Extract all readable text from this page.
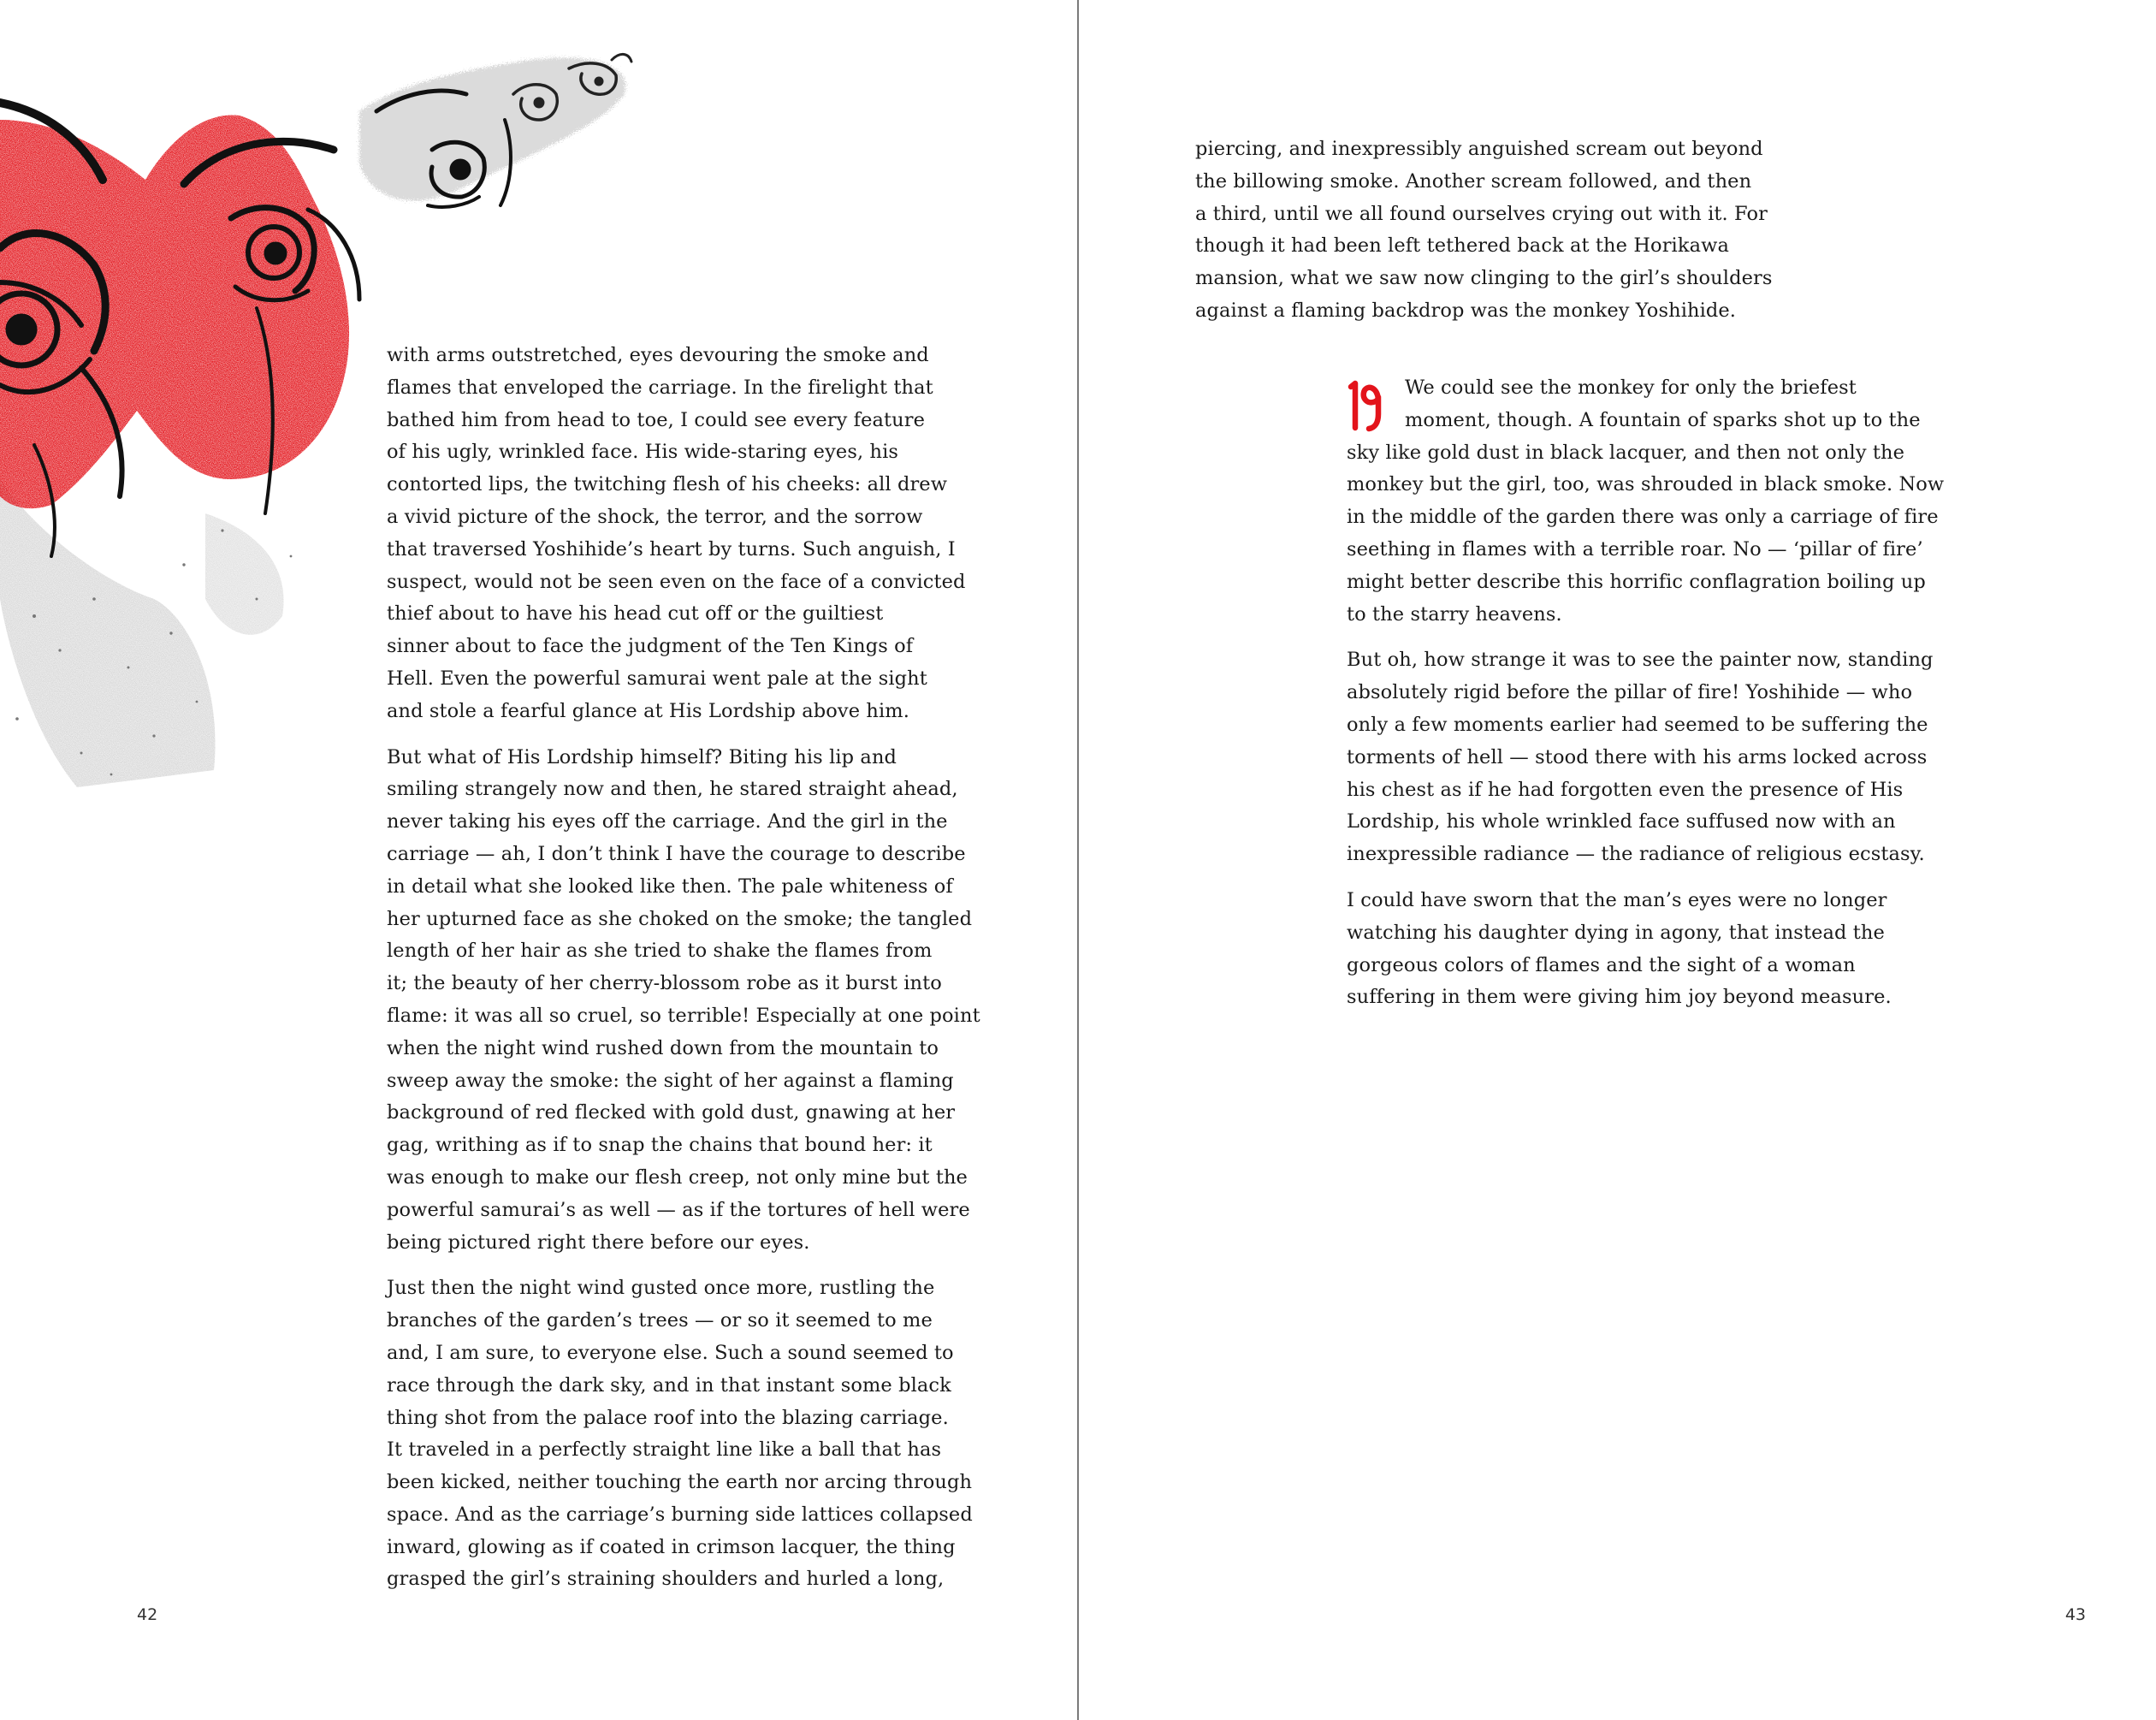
with arms outstretched, eyes devouring the smoke and
flames that enveloped the carriage. In the firelight that
bathed him from head to toe, I could see every feature
of his ugly, wrinkled face. His wide-staring eyes, his
contorted lips, the twitching flesh of his cheeks: all drew
a vivid picture of the shock, the terror, and the sorrow
that traversed Yoshihide’s heart by turns. Such anguish, I
suspect, would not be seen even on the face of a convicted
thief about to have his head cut off or the guiltiest
sinner about to face the judgment of the Ten Kings of
Hell. Even the powerful samurai went pale at the sight
and stole a fearful glance at His Lordship above him.

But what of His Lordship himself? Biting his lip and
smiling strangely now and then, he stared straight ahead,
never taking his eyes off the carriage. And the girl in the
carriage — ah, I don’t think I have the courage to describe
in detail what she looked like then. The pale whiteness of
her upturned face as she choked on the smoke; the tangled
length of her hair as she tried to shake the flames from
it; the beauty of her cherry-blossom robe as it burst into
flame: it was all so cruel, so terrible! Especially at one point
when the night wind rushed down from the mountain to
sweep away the smoke: the sight of her against a flaming
background of red flecked with gold dust, gnawing at her
gag, writhing as if to snap the chains that bound her: it
was enough to make our flesh creep, not only mine but the
powerful samurai’s as well — as if the tortures of hell were
being pictured right there before our eyes.

Just then the night wind gusted once more, rustling the
branches of the garden’s trees — or so it seemed to me
and, I am sure, to everyone else. Such a sound seemed to
race through the dark sky, and in that instant some black
thing shot from the palace roof into the blazing carriage.
It traveled in a perfectly straight line like a ball that has
been kicked, neither touching the earth nor arcing through
space. And as the carriage’s burning side lattices collapsed
inward, glowing as if coated in crimson lacquer, the thing
grasped the girl’s straining shoulders and hurled a long,

42

piercing, and inexpressibly anguished scream out beyond
the billowing smoke. Another scream followed, and then
a third, until we all found ourselves crying out with it. For
though it had been left tethered back at the Horikawa
mansion, what we saw now clinging to the girl’s shoulders
against a flaming backdrop was the monkey Yoshihide.

We could see the monkey for only the briefest
moment, though. A fountain of sparks shot up to the
sky like gold dust in black lacquer, and then not only the
monkey but the girl, too, was shrouded in black smoke. Now
in the middle of the garden there was only a carriage of fire
seething in flames with a terrible roar. No — ‘pillar of fire’
might better describe this horrific conflagration boiling up
to the starry heavens.

But oh, how strange it was to see the painter now, standing
absolutely rigid before the pillar of fire! Yoshihide — who
only a few moments earlier had seemed to be suffering the
torments of hell — stood there with his arms locked across
his chest as if he had forgotten even the presence of His
Lordship, his whole wrinkled face suffused now with an
inexpressible radiance — the radiance of religious ecstasy.

I could have sworn that the man’s eyes were no longer
watching his daughter dying in agony, that instead the
gorgeous colors of flames and the sight of a woman
suffering in them were giving him joy beyond measure.

43
